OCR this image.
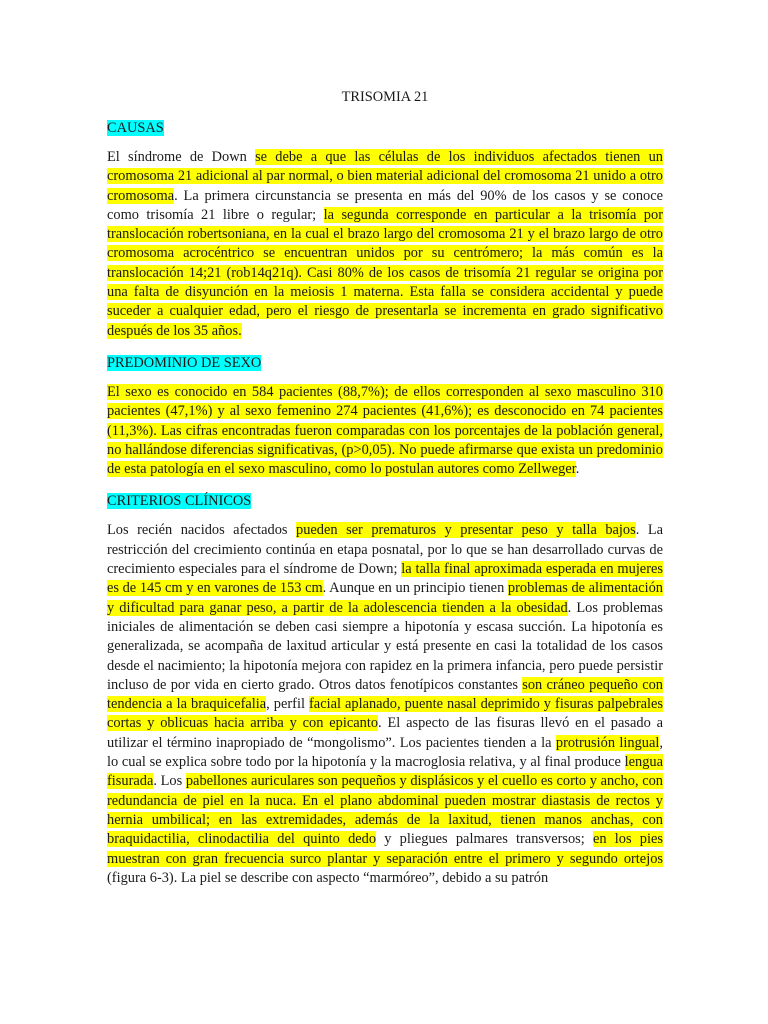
TRISOMIA 21
CAUSAS

El síndrome de Down se debe a que las células de los individuos afectados tienen un cromosoma 21 adicional al par normal, o bien material adicional del cromosoma 21 unido a otro cromosoma. La primera circunstancia se presenta en más del 90% de los casos y se conoce como trisomía 21 libre o regular; la segunda corresponde en particular a la trisomía por translocación robertsoniana, en la cual el brazo largo del cromosoma 21 y el brazo largo de otro cromosoma acrocéntrico se encuentran unidos por su centrómero; la más común es la translocación 14;21 (rob14q21q). Casi 80% de los casos de trisomía 21 regular se origina por una falta de disyunción en la meiosis 1 materna. Esta falla se considera accidental y puede suceder a cualquier edad, pero el riesgo de presentarla se incrementa en grado significativo después de los 35 años.

PREDOMINIO DE SEXO

El sexo es conocido en 584 pacientes (88,7%); de ellos corresponden al sexo masculino 310 pacientes (47,1%) y al sexo femenino 274 pacientes (41,6%); es desconocido en 74 pacientes (11,3%). Las cifras encontradas fueron comparadas con los porcentajes de la población general, no hallándose diferencias significativas, (p>0,05). No puede afirmarse que exista un predominio de esta patología en el sexo masculino, como lo postulan autores como Zellweger.

CRITERIOS CLÍNICOS

Los recién nacidos afectados pueden ser prematuros y presentar peso y talla bajos. La restricción del crecimiento continúa en etapa posnatal, por lo que se han desarrollado curvas de crecimiento especiales para el síndrome de Down; la talla final aproximada esperada en mujeres es de 145 cm y en varones de 153 cm. Aunque en un principio tienen problemas de alimentación y dificultad para ganar peso, a partir de la adolescencia tienden a la obesidad. Los problemas iniciales de alimentación se deben casi siempre a hipotonía y escasa succión. La hipotonía es generalizada, se acompaña de laxitud articular y está presente en casi la totalidad de los casos desde el nacimiento; la hipotonía mejora con rapidez en la primera infancia, pero puede persistir incluso de por vida en cierto grado. Otros datos fenotípicos constantes son cráneo pequeño con tendencia a la braquicefalia, perfil facial aplanado, puente nasal deprimido y fisuras palpebrales cortas y oblicuas hacia arriba y con epicanto. El aspecto de las fisuras llevó en el pasado a utilizar el término inapropiado de “mongolismo”. Los pacientes tienden a la protrusión lingual, lo cual se explica sobre todo por la hipotonía y la macroglosia relativa, y al final produce lengua fisurada. Los pabellones auriculares son pequeños y displásicos y el cuello es corto y ancho, con redundancia de piel en la nuca. En el plano abdominal pueden mostrar diastasis de rectos y hernia umbilical; en las extremidades, además de la laxitud, tienen manos anchas, con braquidactilia, clinodactilia del quinto dedo y pliegues palmares transversos; en los pies muestran con gran frecuencia surco plantar y separación entre el primero y segundo ortejos (figura 6-3). La piel se describe con aspecto “marmóreo”, debido a su patrón
